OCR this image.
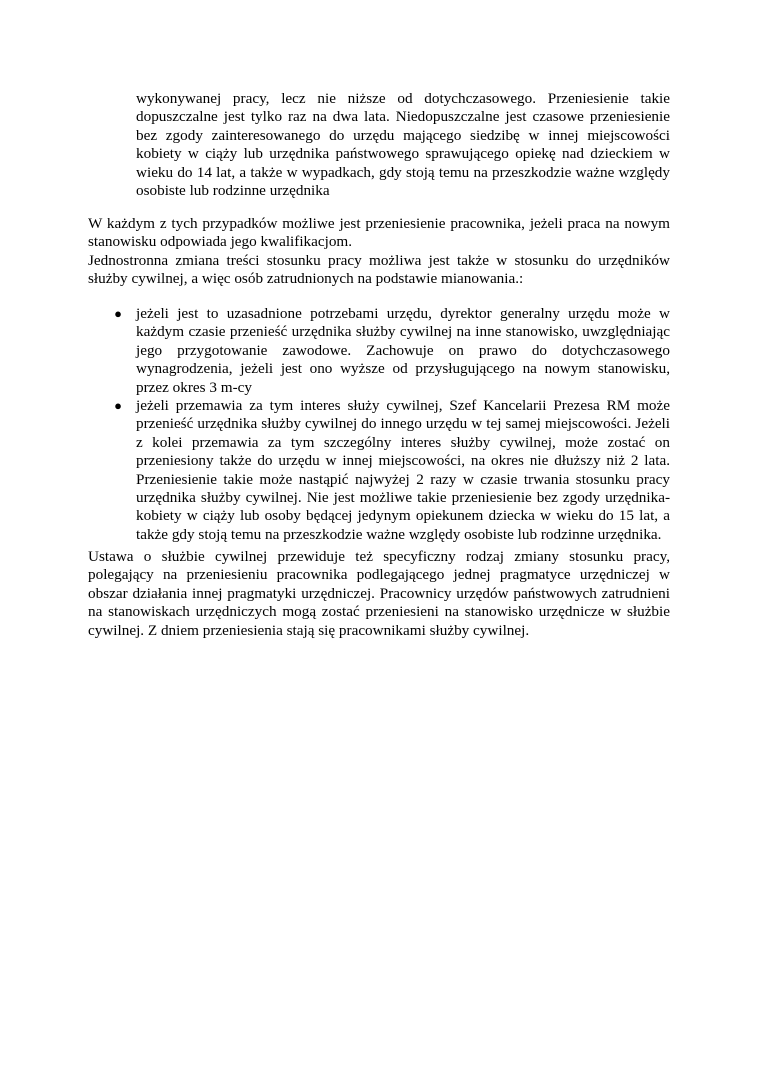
wykonywanej pracy, lecz nie niższe od dotychczasowego. Przeniesienie takie dopuszczalne jest tylko raz na dwa lata. Niedopuszczalne jest czasowe przeniesienie bez zgody zainteresowanego do urzędu mającego siedzibę w innej miejscowości kobiety w ciąży lub urzędnika państwowego sprawującego opiekę nad dzieckiem w wieku do 14 lat, a także w wypadkach, gdy stoją temu na przeszkodzie ważne względy osobiste lub rodzinne urzędnika

W każdym z tych przypadków możliwe jest przeniesienie pracownika, jeżeli praca na nowym stanowisku odpowiada jego kwalifikacjom.

Jednostronna zmiana treści stosunku pracy możliwa jest także w stosunku do urzędników służby cywilnej, a więc osób zatrudnionych na podstawie mianowania.:

● jeżeli jest to uzasadnione potrzebami urzędu, dyrektor generalny urzędu może w każdym czasie przenieść urzędnika służby cywilnej na inne stanowisko, uwzględniając jego przygotowanie zawodowe. Zachowuje on prawo do dotychczasowego wynagrodzenia, jeżeli jest ono wyższe od przysługującego na nowym stanowisku, przez okres 3 m-cy
● jeżeli przemawia za tym interes służy cywilnej, Szef Kancelarii Prezesa RM może przenieść urzędnika służby cywilnej do innego urzędu w tej samej miejscowości. Jeżeli z kolei przemawia za tym szczególny interes służby cywilnej, może zostać on przeniesiony także do urzędu w innej miejscowości, na okres nie dłuższy niż 2 lata. Przeniesienie takie może nastąpić najwyżej 2 razy w czasie trwania stosunku pracy urzędnika służby cywilnej. Nie jest możliwe takie przeniesienie bez zgody urzędnika-kobiety w ciąży lub osoby będącej jedynym opiekunem dziecka w wieku do 15 lat, a także gdy stoją temu na przeszkodzie ważne względy osobiste lub rodzinne urzędnika.

Ustawa o służbie cywilnej przewiduje też specyficzny rodzaj zmiany stosunku pracy, polegający na przeniesieniu pracownika podlegającego jednej pragmatyce urzędniczej w obszar działania innej pragmatyki urzędniczej. Pracownicy urzędów państwowych zatrudnieni na stanowiskach urzędniczych mogą zostać przeniesieni na stanowisko urzędnicze w służbie cywilnej. Z dniem przeniesienia stają się pracownikami służby cywilnej.
